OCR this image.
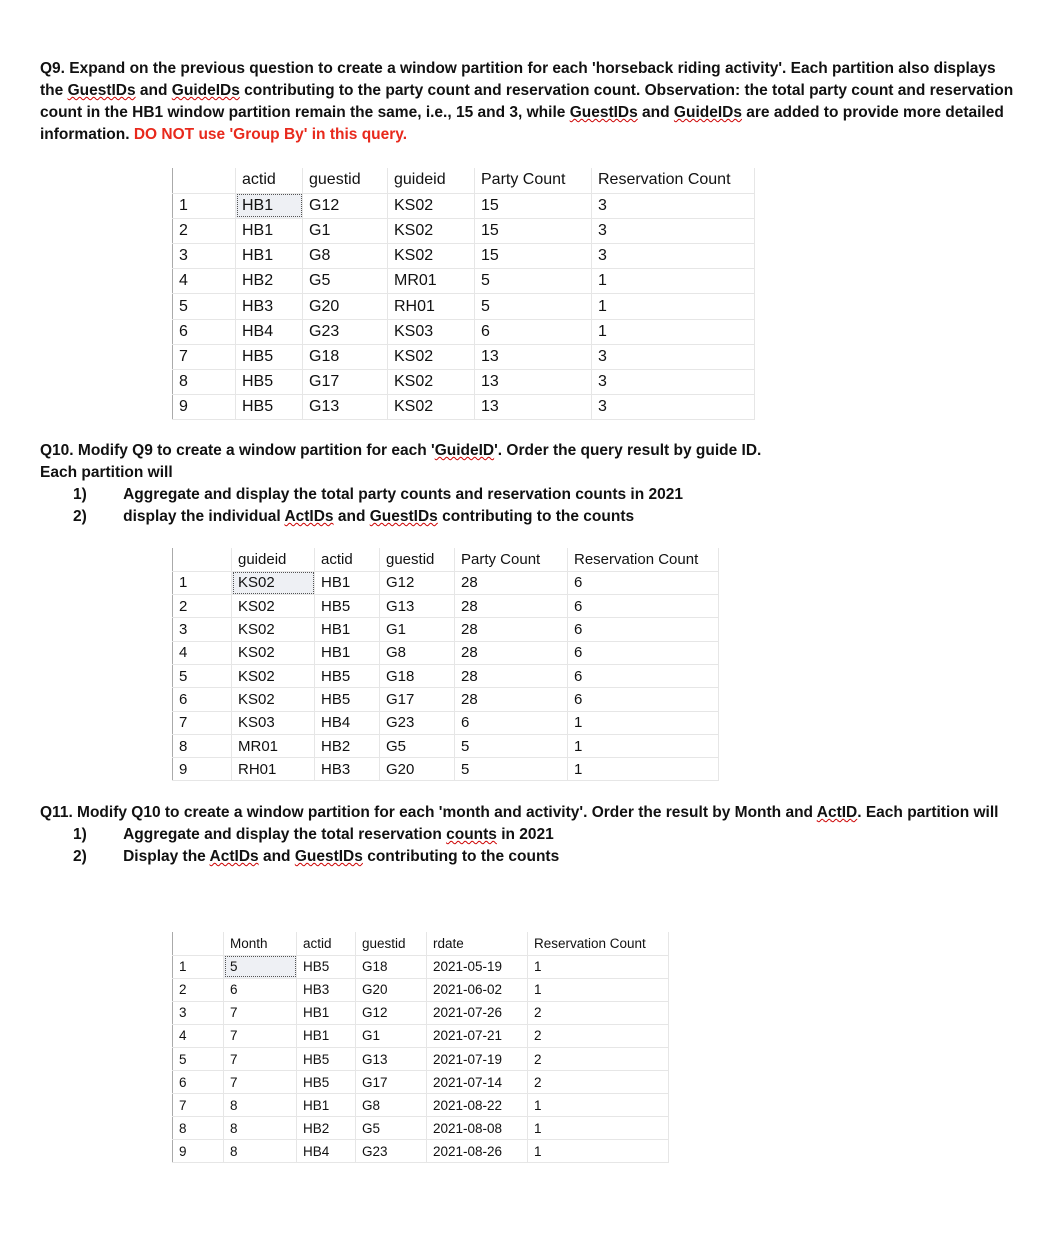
Q9. Expand on the previous question to create a window partition for each 'horseback riding activity'. Each partition also displays the GuestIDs and GuideIDs contributing to the party count and reservation count. Observation: the total party count and reservation count in the HB1 window partition remain the same, i.e., 15 and 3, while GuestIDs and GuideIDs are added to provide more detailed information. DO NOT use 'Group By' in this query.
	actid	guestid	guideid	Party Count	Reservation Count
1	HB1	G12	KS02	15	3
2	HB1	G1	KS02	15	3
3	HB1	G8	KS02	15	3
4	HB2	G5	MR01	5	1
5	HB3	G20	RH01	5	1
6	HB4	G23	KS03	6	1
7	HB5	G18	KS02	13	3
8	HB5	G17	KS02	13	3
9	HB5	G13	KS02	13	3
Q10. Modify Q9 to create a window partition for each 'GuideID'. Order the query result by guide ID.
Each partition will
1) Aggregate and display the total party counts and reservation counts in 2021
2) display the individual ActIDs and GuestIDs contributing to the counts
	guideid	actid	guestid	Party Count	Reservation Count
1	KS02	HB1	G12	28	6
2	KS02	HB5	G13	28	6
3	KS02	HB1	G1	28	6
4	KS02	HB1	G8	28	6
5	KS02	HB5	G18	28	6
6	KS02	HB5	G17	28	6
7	KS03	HB4	G23	6	1
8	MR01	HB2	G5	5	1
9	RH01	HB3	G20	5	1
Q11. Modify Q10 to create a window partition for each 'month and activity'. Order the result by Month and ActID. Each partition will
1) Aggregate and display the total reservation counts in 2021
2) Display the ActIDs and GuestIDs contributing to the counts
	Month	actid	guestid	rdate	Reservation Count
1	5	HB5	G18	2021-05-19	1
2	6	HB3	G20	2021-06-02	1
3	7	HB1	G12	2021-07-26	2
4	7	HB1	G1	2021-07-21	2
5	7	HB5	G13	2021-07-19	2
6	7	HB5	G17	2021-07-14	2
7	8	HB1	G8	2021-08-22	1
8	8	HB2	G5	2021-08-08	1
9	8	HB4	G23	2021-08-26	1
